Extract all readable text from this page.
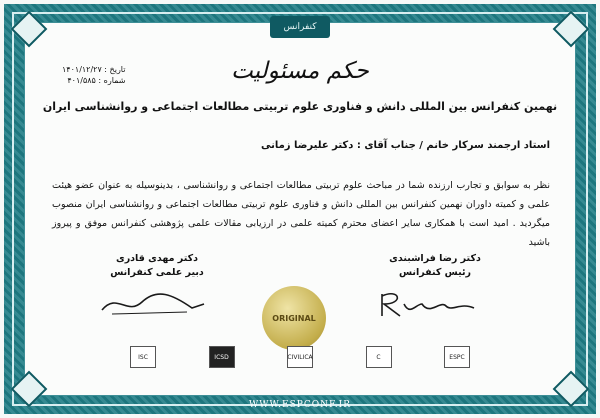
کنفرانس
تاریخ : ۱۴۰۱/۱۲/۲۷
شماره : ۴۰۱/۵۸۵	حکم مسئولیت
نهمین کنفرانس بین المللی دانش و فناوری علوم تربیتی مطالعات اجتماعی و روانشناسی ایران
استاد ارجمند سرکار خانم / جناب آقای : دکتر علیرضا زمانی
نظر به سوابق و تجارب ارزنده شما در مباحث علوم تربیتی مطالعات اجتماعی و روانشناسی ، بدینوسیله به عنوان عضو هیئت علمی و کمیته داوران نهمین کنفرانس بین المللی دانش و فناوری علوم تربیتی مطالعات اجتماعی و روانشناسی ایران منصوب میگردید . امید است با همکاری سایر اعضای محترم کمیته علمی در ارزیابی مقالات علمی پژوهشی کنفرانس موفق و پیروز باشید
دکتر مهدی قادری
دبیر علمی کنفرانس
دکتر رضا فراشبندی
رئیس کنفرانس
ORIGINAL
ISC	ICSD	CIVILICA	C	ESPC
WWW.ESPCONF.IR
